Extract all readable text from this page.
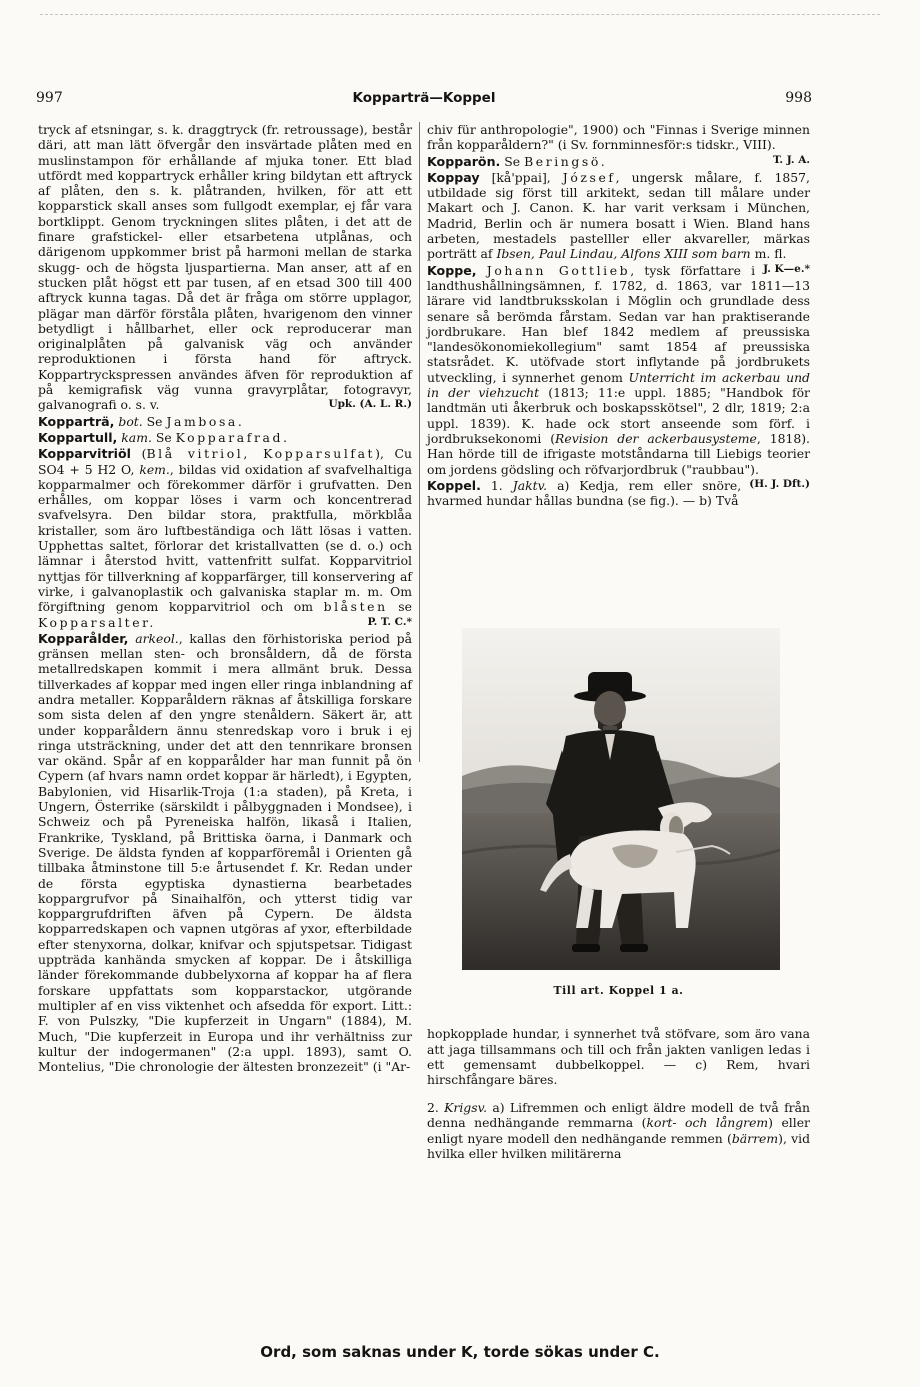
997	Kopparträ—Koppel	998

tryck af etsningar, s. k. draggtryck (fr. retroussage), består däri, att man lätt öfvergår den insvärtade plåten med en muslinstampon för erhållande af mjuka toner. Ett blad utfördt med koppartryck erhåller kring bildytan ett aftryck af plåten, den s. k. plåtranden, hvilken, för att ett kopparstick skall anses som fullgodt exemplar, ej får vara bortklippt. Genom tryckningen slites plåten, i det att de finare grafstickel- eller etsarbetena utplånas, och därigenom uppkommer brist på harmoni mellan de starka skugg- och de högsta ljuspartierna. Man anser, att af en stucken plåt högst ett par tusen, af en etsad 300 till 400 aftryck kunna tagas. Då det är fråga om större upplagor, plägar man därför förståla plåten, hvarigenom den vinner betydligt i hållbarhet, eller ock reproducerar man originalplåten på galvanisk väg och använder reproduktionen i första hand för aftryck. Koppartryckspressen användes äfven för reproduktion af på kemigrafisk väg vunna gravyrplåtar, fotogravyr, galvanografi o. s. v.	Upk. (A. L. R.)

Kopparträ, bot. Se Jambosa.

Koppartull, kam. Se Kopparafrad.

Kopparvitriöl (Blå vitriol, Kopparsulfat), Cu SO4 + 5 H2 O, kem., bildas vid oxidation af svafvelhaltiga kopparmalmer och förekommer därför i grufvatten. Den erhålles, om koppar löses i varm och koncentrerad svafvelsyra. Den bildar stora, praktfulla, mörkblåa kristaller, som äro luftbeständiga och lätt lösas i vatten. Upphettas saltet, förlorar det kristallvatten (se d. o.) och lämnar i återstod hvitt, vattenfritt sulfat. Kopparvitriol nyttjas för tillverkning af kopparfärger, till konservering af virke, i galvanoplastik och galvaniska staplar m. m. Om förgiftning genom kopparvitriol och om blåsten se Kopparsalter.	P. T. C.*

Kopparålder, arkeol., kallas den förhistoriska period på gränsen mellan sten- och bronsåldern, då de första metallredskapen kommit i mera allmänt bruk. Dessa tillverkades af koppar med ingen eller ringa inblandning af andra metaller. Kopparåldern räknas af åtskilliga forskare som sista delen af den yngre stenåldern. Säkert är, att under kopparåldern ännu stenredskap voro i bruk i ej ringa utsträckning, under det att den tennrikare bronsen var okänd. Spår af en kopparålder har man funnit på ön Cypern (af hvars namn ordet koppar är härledt), i Egypten, Babylonien, vid Hisarlik-Troja (1:a staden), på Kreta, i Ungern, Österrike (särskildt i pålbyggnaden i Mondsee), i Schweiz och på Pyreneiska halfön, likaså i Italien, Frankrike, Tyskland, på Brittiska öarna, i Danmark och Sverige. De äldsta fynden af kopparföremål i Orienten gå tillbaka åtminstone till 5:e årtusendet f. Kr. Redan under de första egyptiska dynastierna bearbetades koppargrufvor på Sinaihalfön, och ytterst tidig var koppargrufdriften äfven på Cypern. De äldsta kopparredskapen och vapnen utgöras af yxor, efterbildade efter stenyxorna, dolkar, knifvar och spjutspetsar. Tidigast uppträda kanhända smycken af koppar. De i åtskilliga länder förekommande dubbelyxorna af koppar ha af flera forskare uppfattats som kopparstackor, utgörande multipler af en viss viktenhet och afsedda för export. Litt.: F. von Pulszky, "Die kupferzeit in Ungarn" (1884), M. Much, "Die kupferzeit in Europa und ihr verhältniss zur kultur der indogermanen" (2:a uppl. 1893), samt O. Montelius, "Die chronologie der ältesten bronzezeit" (i "Ar-

chiv für anthropologie", 1900) och "Finnas i Sverige minnen från kopparåldern?" (i Sv. fornminnesför:s tidskr., VIII).
T. J. A.

Kopparön. Se Beringsö.

Koppay [kå'ppai], József, ungersk målare, f. 1857, utbildade sig först till arkitekt, sedan till målare under Makart och J. Canon. K. har varit verksam i München, Madrid, Berlin och är numera bosatt i Wien. Bland hans arbeten, mestadels pastelller eller akvareller, märkas porträtt af Ibsen, Paul Lindau, Alfons XIII som barn m. fl.
J. K—e.*

Koppe, Johann Gottlieb, tysk författare i landthushållningsämnen, f. 1782, d. 1863, var 1811—13 lärare vid landtbruksskolan i Möglin och grundlade dess senare så berömda fårstam. Sedan var han praktiserande jordbrukare. Han blef 1842 medlem af preussiska "landesökonomiekollegium" samt 1854 af preussiska statsrådet. K. utöfvade stort inflytande på jordbrukets utveckling, i synnerhet genom Unterricht im ackerbau und in der viehzucht (1813; 11:e uppl. 1885; "Handbok för landtmän uti åkerbruk och boskapsskötsel", 2 dlr, 1819; 2:a uppl. 1839). K. hade ock stort anseende som förf. i jordbruksekonomi (Revision der ackerbausysteme, 1818). Han hörde till de ifrigaste motståndarna till Liebigs teorier om jordens gödsling och röfvarjordbruk ("raubbau").
(H. J. Dft.)

Koppel. 1. Jaktv. a) Kedja, rem eller snöre, hvarmed hundar hållas bundna (se fig.). — b) Två

Till art. Koppel 1 a.

hopkopplade hundar, i synnerhet två stöfvare, som äro vana att jaga tillsammans och till och från jakten vanligen ledas i ett gemensamt dubbelkoppel. — c) Rem, hvari hirschfångare bäres.

2. Krigsv. a) Lifremmen och enligt äldre modell de två från denna nedhängande remmarna (kort- och långrem) eller enligt nyare modell den nedhängande remmen (bärrem), vid hvilka eller hvilken militärerna

Ord, som saknas under K, torde sökas under C.
